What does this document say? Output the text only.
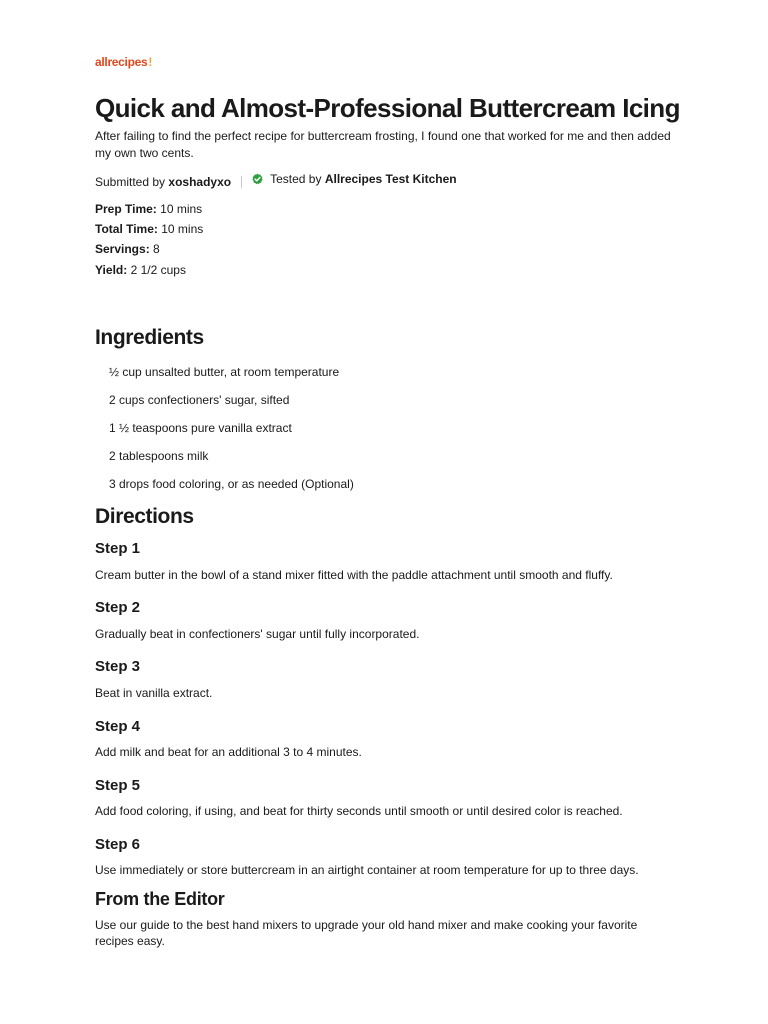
allrecipes!
Quick and Almost-Professional Buttercream Icing

After failing to find the perfect recipe for buttercream frosting, I found one that worked for me and then added my own two cents.

Submitted by
xoshadyxo	Tested by
Allrecipes Test Kitchen
Prep Time: 10 mins
Total Time: 10 mins
Servings: 8
Yield: 2 1/2 cups
Ingredients
½ cup unsalted butter, at room temperature
2 cups confectioners' sugar, sifted
1 ½ teaspoons pure vanilla extract
2 tablespoons milk
3 drops food coloring, or as needed (Optional)
Directions
Step 1
Cream butter in the bowl of a stand mixer fitted with the paddle attachment until smooth and fluffy.
Step 2
Gradually beat in confectioners' sugar until fully incorporated.
Step 3
Beat in vanilla extract.
Step 4
Add milk and beat for an additional 3 to 4 minutes.
Step 5
Add food coloring, if using, and beat for thirty seconds until smooth or until desired color is reached.
Step 6
Use immediately or store buttercream in an airtight container at room temperature for up to three days.
From the Editor

Use our guide to the best hand mixers to upgrade your old hand mixer and make cooking your favorite recipes easy.
